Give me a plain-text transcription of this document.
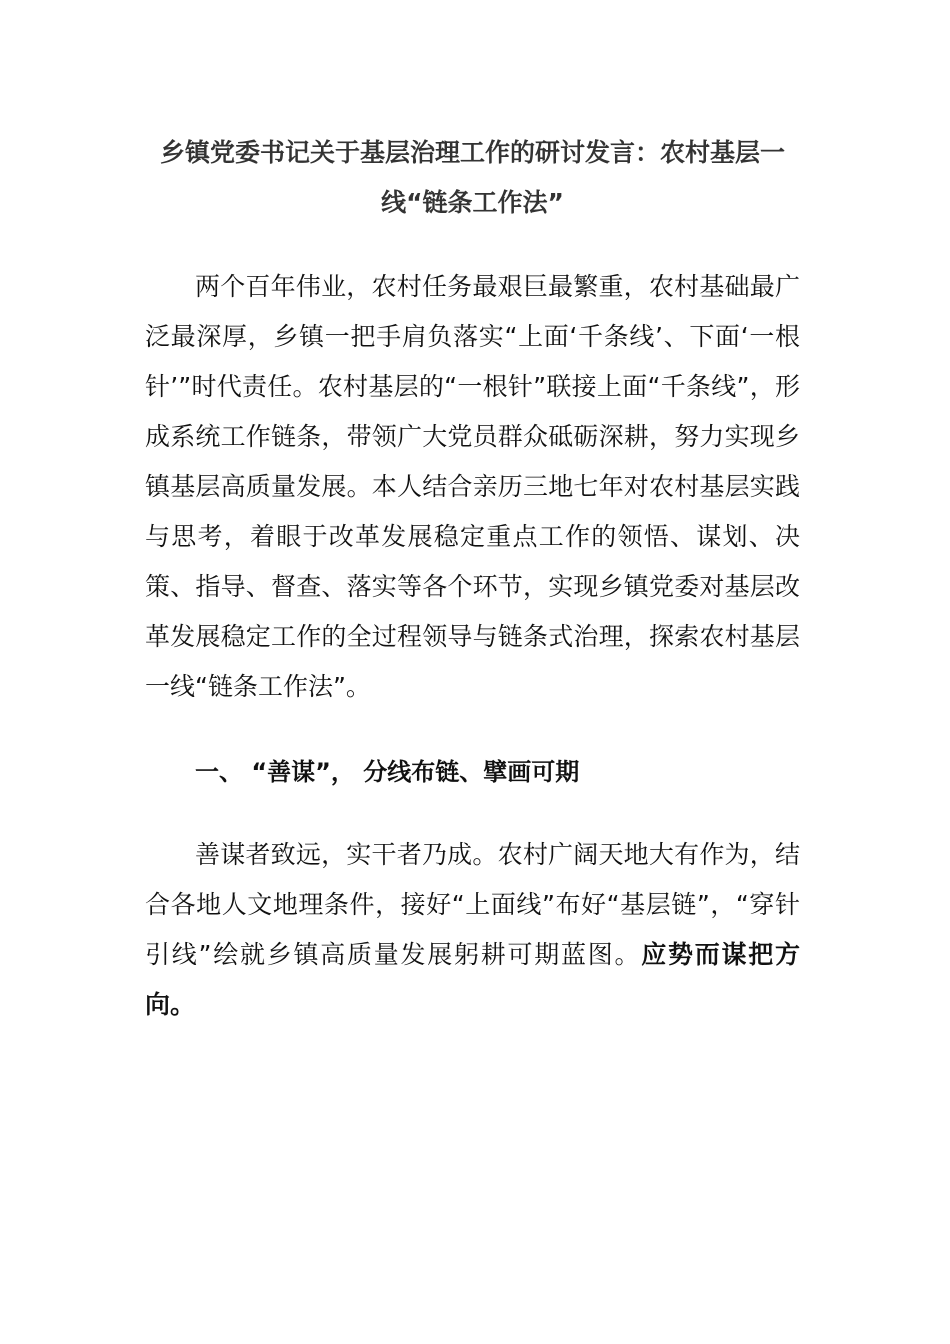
乡镇党委书记关于基层治理工作的研讨发言：农村基层一线“链条工作法”

两个百年伟业，农村任务最艰巨最繁重，农村基础最广泛最深厚，乡镇一把手肩负落实“上面‘千条线’、下面‘一根针’”时代责任。农村基层的“一根针”联接上面“千条线”，形成系统工作链条，带领广大党员群众砥砺深耕，努力实现乡镇基层高质量发展。本人结合亲历三地七年对农村基层实践与思考，着眼于改革发展稳定重点工作的领悟、谋划、决策、指导、督查、落实等各个环节，实现乡镇党委对基层改革发展稳定工作的全过程领导与链条式治理，探索农村基层一线“链条工作法”。

一、 “善谋”， 分线布链、擘画可期

善谋者致远，实干者乃成。农村广阔天地大有作为，结合各地人文地理条件，接好“上面线”布好“基层链”，“穿针引线”绘就乡镇高质量发展躬耕可期蓝图。应势而谋把方向。
